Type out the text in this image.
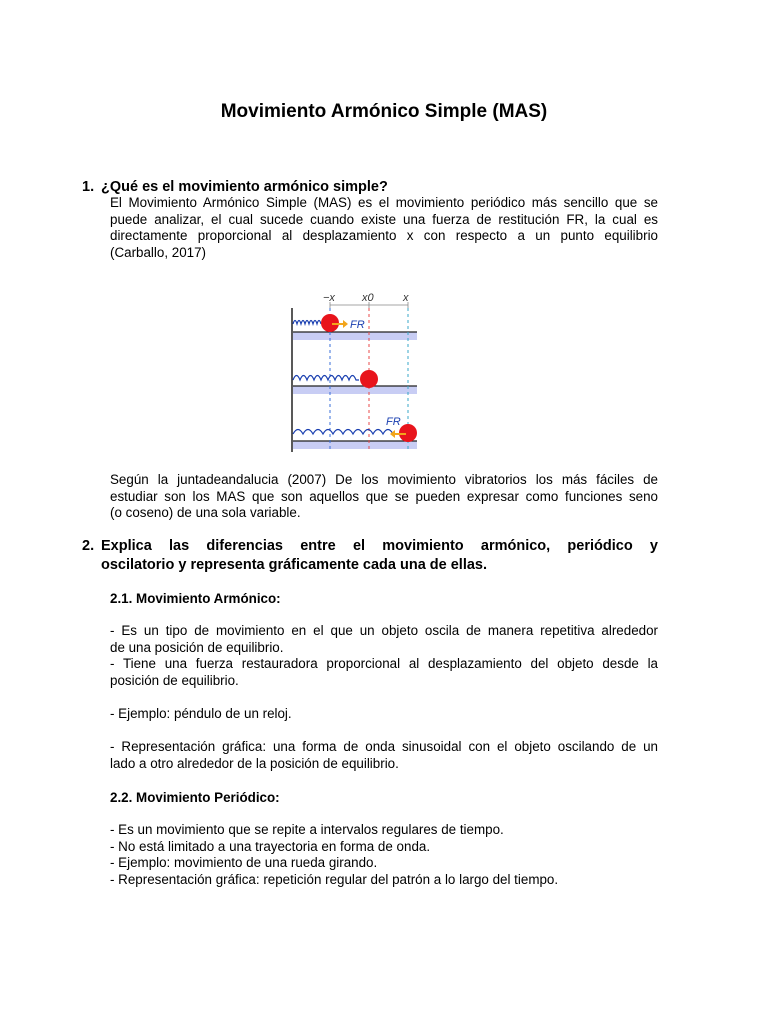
Movimiento Armónico Simple (MAS)
1. ¿Qué es el movimiento armónico simple?
El Movimiento Armónico Simple (MAS) es el movimiento periódico más sencillo que se
puede analizar, el cual sucede cuando existe una fuerza de restitución FR, la cual es
directamente proporcional al desplazamiento x con respecto a un punto equilibrio
(Carballo, 2017)
−x x0	x
FR
FR
Según la juntadeandalucia (2007) De los movimiento vibratorios los más fáciles de
estudiar son los MAS que son aquellos que se pueden expresar como funciones seno
(o coseno) de una sola variable.
2. Explica las diferencias entre el movimiento armónico, periódico y
oscilatorio y representa gráficamente cada una de ellas.
2.1. Movimiento Armónico:
- Es un tipo de movimiento en el que un objeto oscila de manera repetitiva alrededor
de una posición de equilibrio.
- Tiene una fuerza restauradora proporcional al desplazamiento del objeto desde la
posición de equilibrio.
- Ejemplo: péndulo de un reloj.
- Representación gráfica: una forma de onda sinusoidal con el objeto oscilando de un
lado a otro alrededor de la posición de equilibrio.
2.2. Movimiento Periódico:
- Es un movimiento que se repite a intervalos regulares de tiempo.
- No está limitado a una trayectoria en forma de onda.
- Ejemplo: movimiento de una rueda girando.
- Representación gráfica: repetición regular del patrón a lo largo del tiempo.
